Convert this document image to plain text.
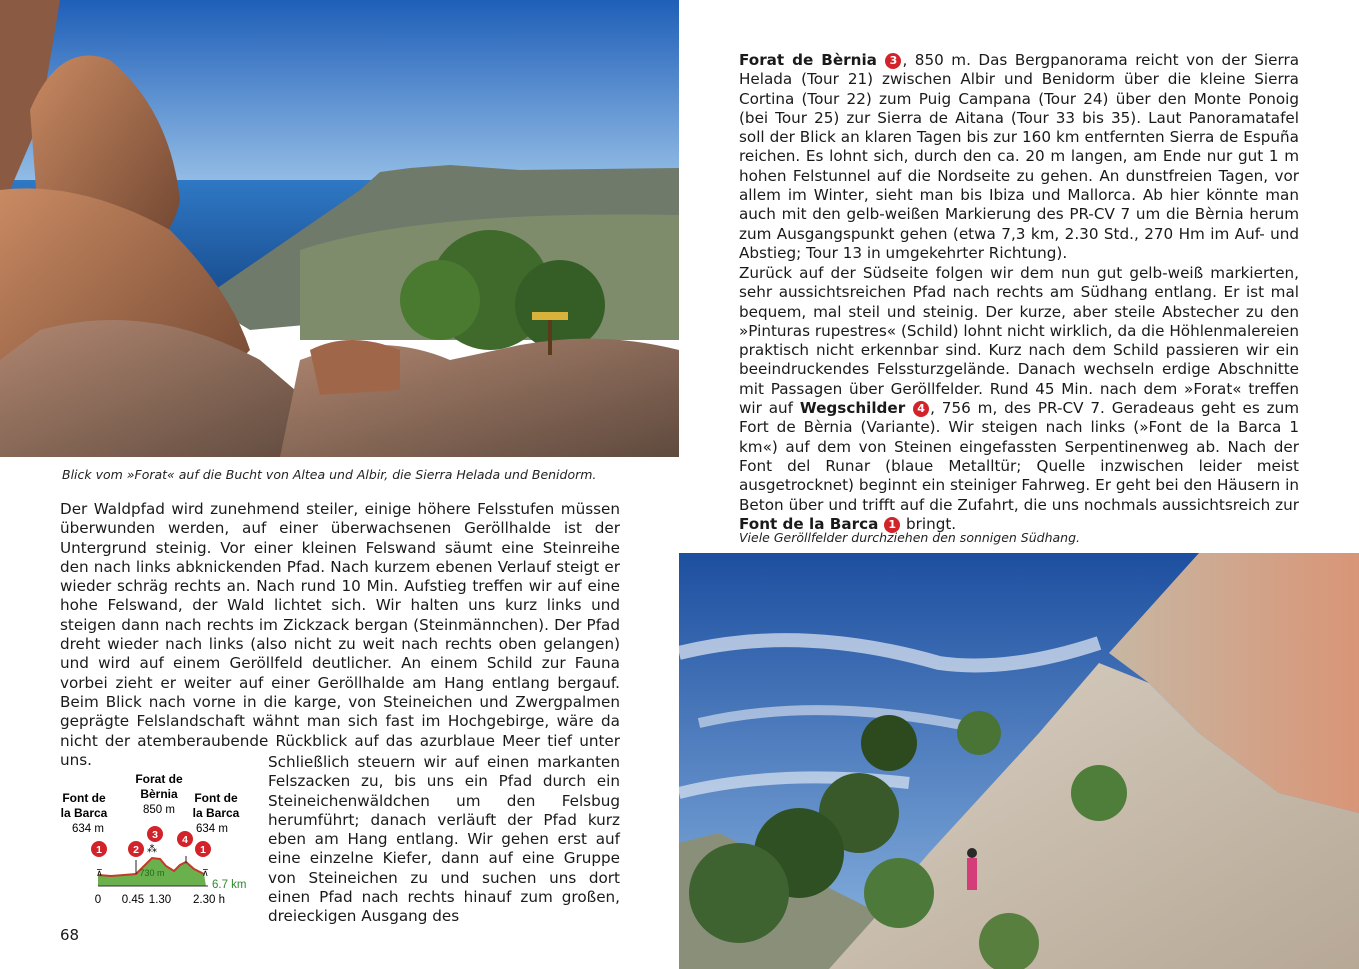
Blick vom »Forat« auf die Bucht von Altea und Albir, die Sierra Helada und Benidorm.

Der Waldpfad wird zunehmend steiler, einige höhere Felsstufen müssen überwunden werden, auf einer überwachsenen Geröllhalde ist der Untergrund steinig. Vor einer kleinen Felswand säumt eine Steinreihe den nach links abknickenden Pfad. Nach kurzem ebenen Verlauf steigt er wieder schräg rechts an. Nach rund 10 Min. Aufstieg treffen wir auf eine hohe Felswand, der Wald lichtet sich. Wir halten uns kurz links und steigen dann nach rechts im Zickzack bergan (Steinmännchen). Der Pfad dreht wieder nach links (also nicht zu weit nach rechts oben gelangen) und wird auf einem Geröllfeld deutlicher. An einem Schild zur Fauna vorbei zieht er weiter auf einer Geröllhalde am Hang entlang bergauf. Beim Blick nach vorne in die karge, von Steineichen und Zwergpalmen geprägte Felslandschaft wähnt man sich fast im Hochgebirge, wäre da nicht der atemberaubende Rückblick auf das azurblaue Meer tief unter uns.	Schließlich steuern wir auf einen markanten Felszacken zu, bis uns ein Pfad durch ein Steineichenwäldchen um den Felsbug herumführt; danach verläuft der Pfad kurz eben am Hang entlang. Wir gehen erst auf eine einzelne Kiefer, dann auf eine Gruppe von Steineichen zu und suchen uns dort einen Pfad nach rechts hinauf zum großen, dreieckigen Ausgang des

Font de
la Barca
634 m
Forat de
Bèrnia
850 m
Font de
la Barca
634 m
⊼	⊼
⁂
730 m
1	2
3 4
1
6.7 km
0 0.45 1.30 2.30 h
68

Forat de Bèrnia 3 , 850 m. Das Bergpanorama reicht von der Sierra Helada (Tour 21) zwischen Albir und Benidorm über die kleine Sierra Cortina (Tour 22) zum Puig Campana (Tour 24) über den Monte Ponoig (bei Tour 25) zur Sierra de Aitana (Tour 33 bis 35). Laut Panoramatafel soll der Blick an klaren Tagen bis zur 160 km entfernten Sierra de Espuña reichen. Es lohnt sich, durch den ca. 20 m langen, am Ende nur gut 1 m hohen Felstunnel auf die Nordseite zu gehen. An dunstfreien Tagen, vor allem im Winter, sieht man bis Ibiza und Mallorca. Ab hier könnte man auch mit den gelb-weißen Markierung des PR-CV 7 um die Bèrnia herum zum Ausgangspunkt gehen (etwa 7,3 km, 2.30 Std., 270 Hm im Auf- und Abstieg; Tour 13 in umgekehrter Richtung).

Zurück auf der Südseite folgen wir dem nun gut gelb-weiß markierten, sehr aussichtsreichen Pfad nach rechts am Südhang entlang. Er ist mal bequem, mal steil und steinig. Der kurze, aber steile Abstecher zu den »Pinturas rupestres« (Schild) lohnt nicht wirklich, da die Höhlenmalereien praktisch nicht erkennbar sind. Kurz nach dem Schild passieren wir ein beeindruckendes Felssturzgelände. Danach wechseln erdige Abschnitte mit Passagen über Geröllfelder. Rund 45 Min. nach dem »Forat« treffen wir auf Wegschilder 4 , 756 m, des PR-CV 7. Geradeaus geht es zum Fort de Bèrnia (Variante). Wir steigen nach links (»Font de la Barca 1 km«) auf dem von Steinen eingefassten Serpentinenweg ab. Nach der Font del Runar (blaue Metalltür; Quelle inzwischen leider meist ausgetrocknet) beginnt ein steiniger Fahrweg. Er geht bei den Häusern in Beton über und trifft auf die Zufahrt, die uns nochmals aussichtsreich zur Font de la Barca 1 bringt.

Viele Geröllfelder durchziehen den sonnigen Südhang.
